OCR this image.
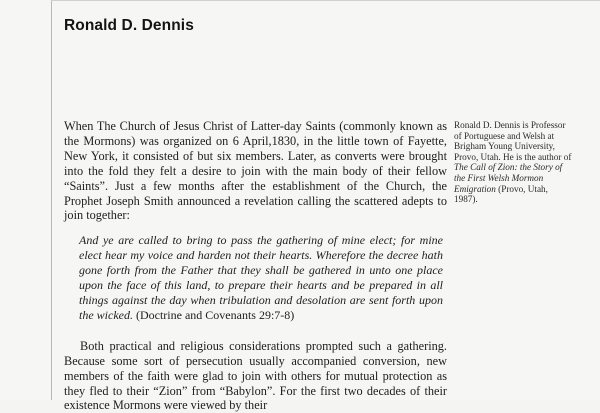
Ronald D. Dennis

When The Church of Jesus Christ of Latter-day Saints (commonly known as the Mormons) was organized on 6 April,1830, in the little town of Fayette, New York, it consisted of but six members. Later, as converts were brought into the fold they felt a desire to join with the main body of their fellow “Saints”. Just a few months after the establishment of the Church, the Prophet Joseph Smith announced a revelation calling the scattered adepts to join together:

And ye are called to bring to pass the gathering of mine elect; for mine elect hear my voice and harden not their hearts. Wherefore the decree hath gone forth from the Father that they shall be gathered in unto one place upon the face of this land, to prepare their hearts and be prepared in all things against the day when tribulation and desolation are sent forth upon the wicked. (Doctrine and Covenants 29:7-8)

Both practical and religious considerations prompted such a gathering. Because some sort of persecution usually accompanied conversion, new members of the faith were glad to join with others for mutual protection as they fled to their “Zion” from “Babylon”. For the first two decades of their existence Mormons were viewed by their

Ronald D. Dennis is Professor of Portuguese and Welsh at Brigham Young University, Provo, Utah. He is the author of The Call of Zion: the Story of the First Welsh Mormon Emigration (Provo, Utah, 1987).
